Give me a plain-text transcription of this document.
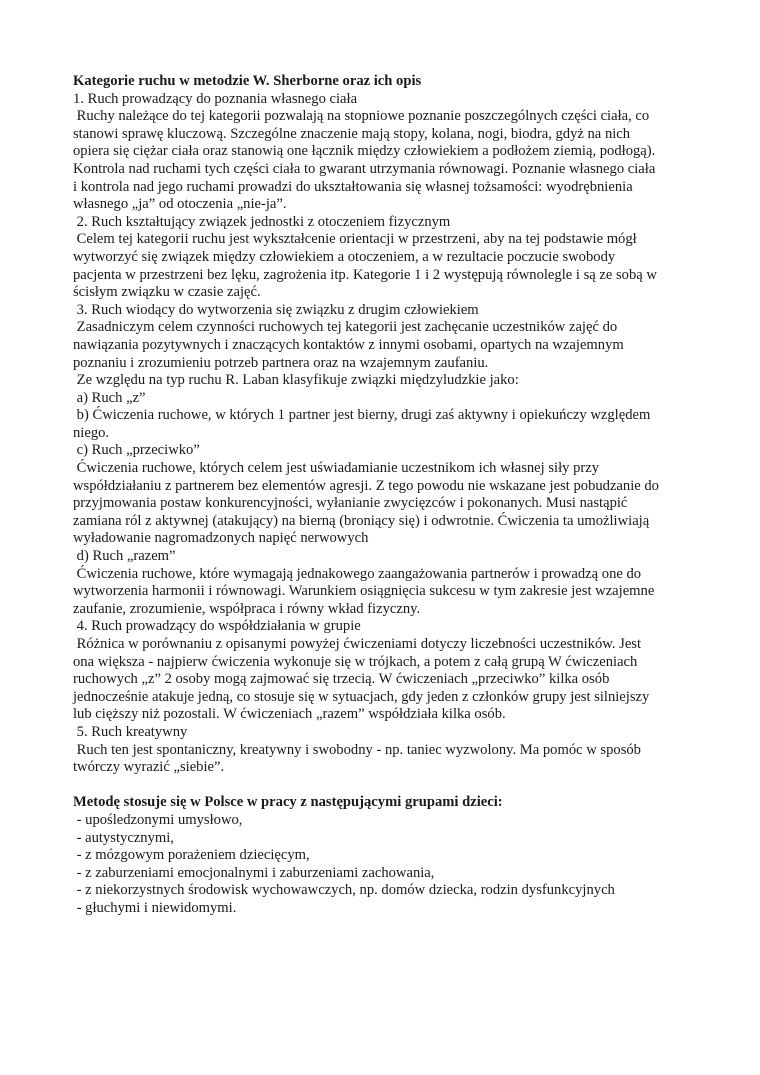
Kategorie ruchu w metodzie W. Sherborne oraz ich opis
1. Ruch prowadzący do poznania własnego ciała
Ruchy należące do tej kategorii pozwalają na stopniowe poznanie poszczególnych części ciała, co
stanowi sprawę kluczową. Szczególne znaczenie mają stopy, kolana, nogi, biodra, gdyż na nich
opiera się ciężar ciała oraz stanowią one łącznik między człowiekiem a podłożem ziemią, podłogą).
Kontrola nad ruchami tych części ciała to gwarant utrzymania równowagi. Poznanie własnego ciała
i kontrola nad jego ruchami prowadzi do ukształtowania się własnej tożsamości: wyodrębnienia
własnego „ja” od otoczenia „nie-ja”.
2. Ruch kształtujący związek jednostki z otoczeniem fizycznym
Celem tej kategorii ruchu jest wykształcenie orientacji w przestrzeni, aby na tej podstawie mógł
wytworzyć się związek między człowiekiem a otoczeniem, a w rezultacie poczucie swobody
pacjenta w przestrzeni bez lęku, zagrożenia itp. Kategorie 1 i 2 występują równolegle i są ze sobą w
ścisłym związku w czasie zajęć.
3. Ruch wiodący do wytworzenia się związku z drugim człowiekiem
Zasadniczym celem czynności ruchowych tej kategorii jest zachęcanie uczestników zajęć do
nawiązania pozytywnych i znaczących kontaktów z innymi osobami, opartych na wzajemnym
poznaniu i zrozumieniu potrzeb partnera oraz na wzajemnym zaufaniu.
Ze względu na typ ruchu R. Laban klasyfikuje związki międzyludzkie jako:
a) Ruch „z”
b) Ćwiczenia ruchowe, w których 1 partner jest bierny, drugi zaś aktywny i opiekuńczy względem
niego.
c) Ruch „przeciwko”
Ćwiczenia ruchowe, których celem jest uświadamianie uczestnikom ich własnej siły przy
współdziałaniu z partnerem bez elementów agresji. Z tego powodu nie wskazane jest pobudzanie do
przyjmowania postaw konkurencyjności, wyłanianie zwycięzców i pokonanych. Musi nastąpić
zamiana ról z aktywnej (atakujący) na bierną (broniący się) i odwrotnie. Ćwiczenia ta umożliwiają
wyładowanie nagromadzonych napięć nerwowych
d) Ruch „razem”
Ćwiczenia ruchowe, które wymagają jednakowego zaangażowania partnerów i prowadzą one do
wytworzenia harmonii i równowagi. Warunkiem osiągnięcia sukcesu w tym zakresie jest wzajemne
zaufanie, zrozumienie, współpraca i równy wkład fizyczny.
4. Ruch prowadzący do współdziałania w grupie
Różnica w porównaniu z opisanymi powyżej ćwiczeniami dotyczy liczebności uczestników. Jest
ona większa - najpierw ćwiczenia wykonuje się w trójkach, a potem z całą grupą W ćwiczeniach
ruchowych „z” 2 osoby mogą zajmować się trzecią. W ćwiczeniach „przeciwko” kilka osób
jednocześnie atakuje jedną, co stosuje się w sytuacjach, gdy jeden z członków grupy jest silniejszy
lub cięższy niż pozostali. W ćwiczeniach „razem” współdziała kilka osób.
5. Ruch kreatywny
Ruch ten jest spontaniczny, kreatywny i swobodny - np. taniec wyzwolony. Ma pomóc w sposób
twórczy wyrazić „siebie”.
Metodę stosuje się w Polsce w pracy z następującymi grupami dzieci:
- upośledzonymi umysłowo,
- autystycznymi,
- z mózgowym porażeniem dziecięcym,
- z zaburzeniami emocjonalnymi i zaburzeniami zachowania,
- z niekorzystnych środowisk wychowawczych, np. domów dziecka, rodzin dysfunkcyjnych
- głuchymi i niewidomymi.
